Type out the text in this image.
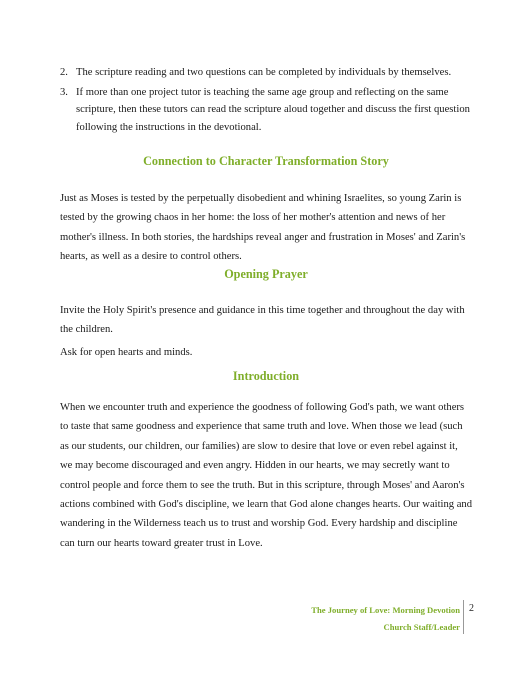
2. The scripture reading and two questions can be completed by individuals by themselves.
3. If more than one project tutor is teaching the same age group and reflecting on the same scripture, then these tutors can read the scripture aloud together and discuss the first question following the instructions in the devotional.
Connection to Character Transformation Story

Just as Moses is tested by the perpetually disobedient and whining Israelites, so young Zarin is tested by the growing chaos in her home: the loss of her mother's attention and news of her mother's illness. In both stories, the hardships reveal anger and frustration in Moses' and Zarin's hearts, as well as a desire to control others.

Opening Prayer

Invite the Holy Spirit's presence and guidance in this time together and throughout the day with the children.

Ask for open hearts and minds.

Introduction

When we encounter truth and experience the goodness of following God's path, we want others to taste that same goodness and experience that same truth and love. When those we lead (such as our students, our children, our families) are slow to desire that love or even rebel against it, we may become discouraged and even angry. Hidden in our hearts, we may secretly want to control people and force them to see the truth. But in this scripture, through Moses' and Aaron's actions combined with God's discipline, we learn that God alone changes hearts. Our waiting and wandering in the Wilderness teach us to trust and worship God. Every hardship and discipline can turn our hearts toward greater trust in Love.

The Journey of Love: Morning Devotion
Church Staff/Leader
2
